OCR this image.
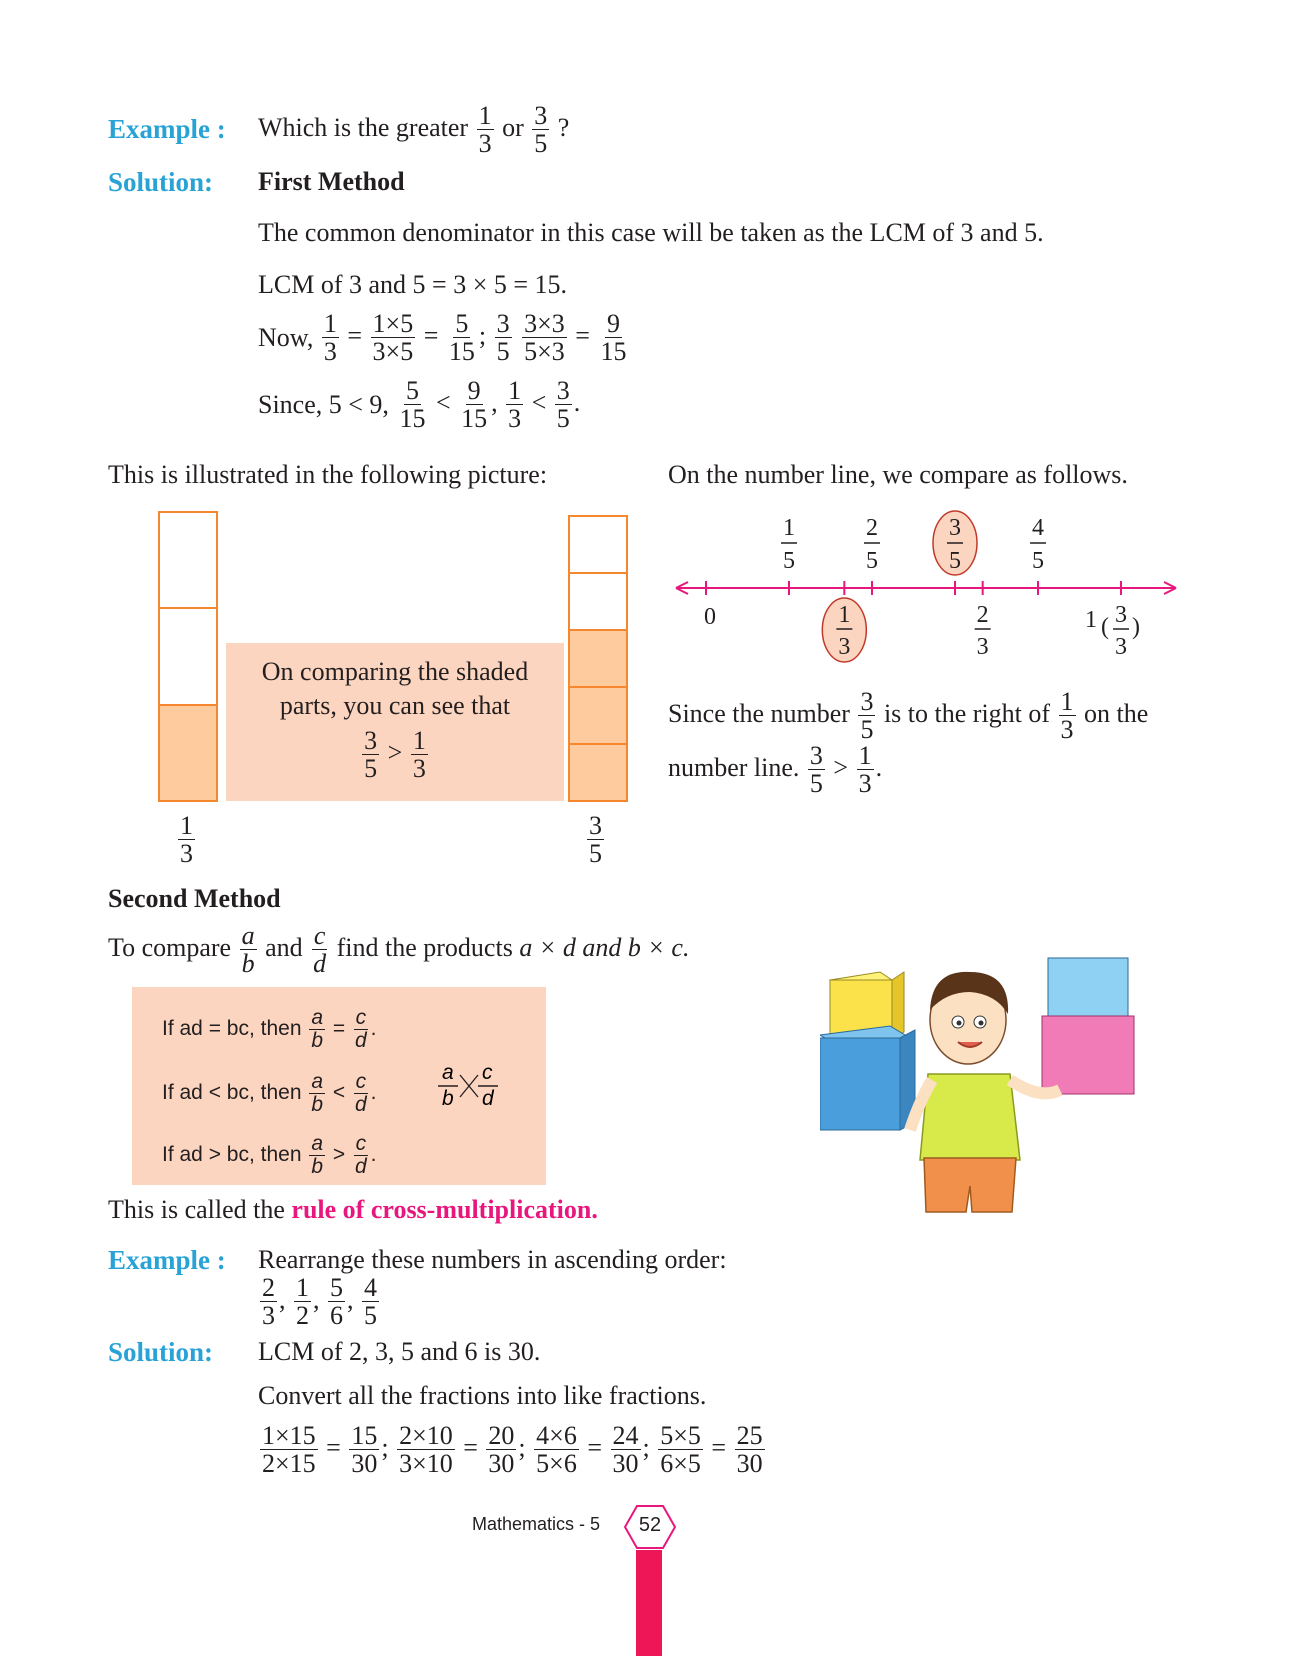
Example : Which is the greater $\frac{1}{3}$ or $\frac{3}{5}$ ?
Solution: First Method
The common denominator in this case will be taken as the LCM of 3 and 5.
LCM of 3 and 5 = 3 × 5 = 15.
Now, $\frac{1}{3} = \frac{1\times 5}{3\times 5} = \frac{5}{15}$ ; $\frac{3}{5}$
$\frac{3\times 3}{5\times 3} = \frac{9}{15}$
Since, 5 < 9, $\frac{5}{15} < \frac{9}{15}$ , $\frac{1}{3} < \frac{3}{5}$ .
This is illustrated in the following picture:
$\frac{1}{3}$
On comparing the shaded
parts, you can see that
$\frac{3}{5} > \frac{1}{3}$
$\frac{3}{5}$
On the number line, we compare as follows.
0
1
5
2
5
3
5
4
5
1
3
2
3
1 ( )
3
3
Since the number $\frac{3}{5}$ is to the right of $\frac{1}{3}$ on the
number line. $\frac{3}{5} > \frac{1}{3}$ .
Second Method
To compare $\frac{a}{b}$ and $\frac{c}{d}$ find the products a × d and b × c.
If ad = bc, then $\frac{a}{b} = \frac{c}{d}$ .
If ad < bc, then $\frac{a}{b} < \frac{c}{d}$ .
If ad > bc, then $\frac{a}{b} > \frac{c}{d}$ .
a
b
c
d
This is called the rule of cross-multiplication.
Example : Rearrange these numbers in ascending order:
$\frac{2}{3}$ , $\frac{1}{2}$ , $\frac{5}{6}$ , $\frac{4}{5}$
Solution: LCM of 2, 3, 5 and 6 is 30.
Convert all the fractions into like fractions.
$\frac{1\times 15}{2\times 15} = \frac{15}{30}$ ; $\frac{2\times 10}{3\times 10} = \frac{20}{30}$ ; $\frac{4\times 6}{5\times 6} = \frac{24}{30}$ ; $\frac{5\times 5}{6\times 5} = \frac{25}{30}$
Mathematics - 5	52
